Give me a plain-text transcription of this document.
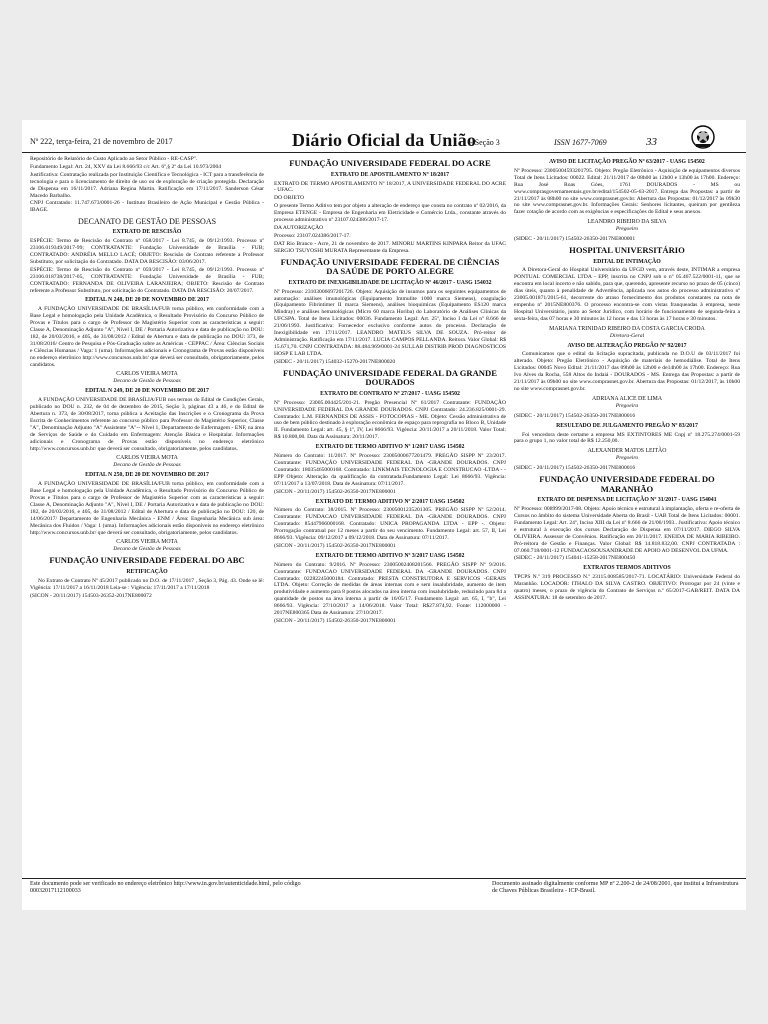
Nº 222, terça-feira, 21 de novembro de 2017	Diário Oficial da União
- Seção 3	ISSN 1677-7069	33

Repositório de Relatório de Custo Aplicado ao Setor Público - RE-CASP".

Fundamento Legal: Art. 24, XXV da Lei 8.666/93 c/c Art. 6º,§ 2º da Lei 10.973/2004

Justificativa: Contratação realizada por Instituição Científica e Tecnológica - ICT para a transferência de tecnologia e para o licenciamento de direito de uso ou de exploração de criação protegida. Declaração de Dispensa em 16/11/2017. Adriana Regina Martin. Ratificação em 17/11/2017. Sanderson César Macedo Barbalho.

CNPJ Contratado: 11.747.673/0001-26 - Instituto Brasileiro de Ação Municipal e Gestão Pública - IBAGE.

DECANATO DE GESTÃO DE PESSOAS
EXTRATO DE RESCISÃO

ESPÉCIE: Termo de Rescisão do Contrato nº 058/2017 - Lei 8.745, de 09/12/1993. Processo nº 23106.019349/2017-99; CONTRATANTE: Fundação Universidade de Brasília - FUB; CONTRATADO: ANDRÉIA MELLO LACÉ; OBJETO: Rescisão de Contrato referente a Professor Substituto, por solicitação do Contratado. DATA DA RESCISÃO: 03/06/2017.

ESPÉCIE: Termo de Rescisão do Contrato nº 059/2017 - Lei 8.745, de 09/12/1993. Processo nº 23106.018738/2017-05, CONTRATANTE: Fundação Universidade de Brasília - FUB; CONTRATADO: FERNANDA DE OLIVEIRA LARANJEIRA; OBJETO: Rescisão de Contrato referente a Professor Substituto, por solicitação do Contratado. DATA DA RESCISÃO: 20/07/2017.

EDITAL N 248, DE 20 DE NOVEMBRO DE 2017

A FUNDAÇÃO UNIVERSIDADE DE BRASÍLIA/FUB torna público, em conformidade com a Base Legal e homologação pela Unidade Acadêmica, o Resultado Provisório do Concurso Público de Provas e Títulos para o cargo de Professor de Magistério Superior com as características a seguir: Classe A, Denominação Adjunto "A", Nível I, DE / Portaria Autorizativa e data de publicação no DOU: 182, de 20/03/2016, e 405, de 31/08/2012 / Edital de Abertura e data de publicação no DOU: 373, de 31/08/2016/ Centro de Pesquisa e Pós-Graduação sobre as Américas - CEPPAC / Área: Ciências Sociais e Ciências Humanas / Vaga: 1 (uma). Informações adicionais e Cronograma de Provas estão disponíveis no endereço eletrônico http://www.concursos.unb.br/ que deverá ser consultado, obrigatoriamente, pelos candidatos.

CARLOS VIEIRA MOTA
Decano de Gestão de Pessoas
EDITAL N 249, DE 20 DE NOVEMBRO DE 2017

A FUNDAÇÃO UNIVERSIDADE DE BRASÍLIA/FUB nos termos do Edital de Condições Gerais, publicado no DOU n. 232, de 04 de dezembro de 2015, Seção 3, páginas 43 a 46, e do Edital de Abertura n. 373, de 30/08/2017, torna pública a Aceitação das Inscrições e o Cronograma da Prova Escrita de Conhecimentos referente ao concurso público para Professor do Magistério Superior, Classe "A", Denominação Adjunto "A" Assistente "A"-- Nível 1, Departamento de Enfermagem - ENF, na área de Serviços de Saúde e do Cuidado em Enfermagem: Atenção Básica e Hospitalar. Informações adicionais e Cronograma de Provas estão disponíveis no endereço eletrônico http://www.concursos.unb.br/ que deverá ser consultado, obrigatoriamente, pelos candidatos.

CARLOS VIEIRA MOTA
Decano de Gestão de Pessoas
EDITAL N 250, DE 20 DE NOVEMBRO DE 2017

A FUNDAÇÃO UNIVERSIDADE DE BRASÍLIA/FUB torna público, em conformidade com a Base Legal e homologação pela Unidade Acadêmica, o Resultado Provisório do Concurso Público de Provas e Títulos para o cargo de Professor de Magistério Superior com as características a seguir: Classe A, Denominação Adjunto "A", Nível I, DE / Portaria Autorizativa e data de publicação no DOU: 182, de 20/03/2016, e 405, de 31/08/2012 / Edital de Abertura e data de publicação no DOU: 120, de 14/06/2017/ Departamento de Engenharia Mecânica - ENM / Área: Engenharia Mecânica sub área: Mecânica dos Fluidos / Vaga: 1 (uma). Informações adicionais estão disponíveis no endereço eletrônico http://www.concursos.unb.br/ que deverá ser consultado, obrigatoriamente, pelos candidatos.

CARLOS VIEIRA MOTA
Decano de Gestão de Pessoas
FUNDAÇÃO UNIVERSIDADE FEDERAL DO ABC
RETIFICAÇÃO

No Extrato de Contrato Nº 45/2017 publicado no D.O. de 17/11/2017 , Seção 3, Pág. 43. Onde se lê: Vigência: 17/11/2017 a 16/11/2018 Leia-se : Vigência: 17/11/2017 a 17/11/2018

(SICON - 20/11/2017) 154503-26352-2017NE800072

FUNDAÇÃO UNIVERSIDADE FEDERAL DO ACRE
EXTRATO DE APOSTILAMENTO Nº 18/2017

EXTRATO DE TERMO APOSTILAMENTO Nº 18/2017, A UNIVERSIDADE FEDERAL DO ACRE - UFAC.

DO OBJETO

O presente Termo Aditivo tem por objeto a alteração de endereço que consta no contrato nº 02/2016, da Empresa ETENGE - Empresa de Engenharia em Eletricidade e Comércio Ltda., constante através do processo administrativo nº 23107.024386/2017-17.

DA AUTORIZAÇÃO

Processo: 23107.024386/2017-17.

DAT Rio Branco - Acre, 21 de novembro de 2017. MINORU MARTINS KINPARA Reitor da UFAC SERGIO TSUYOSHI MURATA Representante da Empresa.

FUNDAÇÃO UNIVERSIDADE FEDERAL DE CIÊNCIAS DA SAÚDE DE PORTO ALEGRE
EXTRATO DE INEXIGIBILIDADE DE LICITAÇÃO Nº 46/2017 - UASG 154032

Nº Processo: 23103006697201726. Objeto: Aquisição de insumos para os seguintes equipamentos de automação: análises imunológicas (Equipamento Immulite 1000 marca Siemens), coagulação (Equipamento Fibrintimer II marca Siemens), análises bioquímicas (Equipamento ES120 marca Mindray) e análises hematológicas (Micro 60 marca Horiba) do Laboratório de Análises Clínicas da UFCSPA. Total de Itens Licitados: 00036. Fundamento Legal: Art. 25º, Inciso I da Lei nº 8.666 de 21/06/1993. Justificativa: Fornecedor exclusivo conforme autos do processo. Declaração de Inexigibilidade em 17/11/2017. LEANDRO MATEUS SILVA DE SOUZA. Pró-reitor de Administração. Ratificação em 17/11/2017. LUCIA CAMPOS PELLANDA. Reitora. Valor Global: R$ 15.671,70. CNPJ CONTRATADA: 88.484.969/0001-24 SULLAB DISTRIB PROD DIAGNOSTICOS HOSP E LAB LTDA.

(SIDEC - 20/11/2017) 154032-15270-2017NE800020

FUNDAÇÃO UNIVERSIDADE FEDERAL DA GRANDE DOURADOS
EXTRATO DE CONTRATO Nº 27/2017 - UASG 154502

Nº Processo: 23005.004425/201-21. Pregão Presencial Nº 61/2017 Contratante: FUNDAÇÃO UNIVERSIDADE FEDERAL DA GRANDE DOURADOS. CNPJ Contratado: 24.236.825/0001-29. Contratado: L.M. FERNANDES DE ASSIS - FOTOCOPIAS - ME. Objeto: Cessão administrativa de uso de bem público destinado à exploração econômica de espaço para reprografia no Bloco B, Unidade II. Fundamento Legal: art. 45, § 1º, IV, Lei 8666/93. Vigência: 20/11/2017 a 20/11/2018. Valor Total: R$ 10.800,00. Data da Assinatura: 20/11/2017.

EXTRATO DE TERMO ADITIVO Nº 1/2017 UASG 154502

Número do Contrato: 11/2017. Nº Processo: 23005000677201479. PREGÃO SISPP Nº 23/2017. Contratante: FUNDAÇÃO UNIVERSIDADE FEDERAL DA -GRANDE DOURADOS. CNPJ Contratado: 18035465000168. Contratado: LINKMAIS TECNOLOGIA E CONSTRUCAO -LTDA - - EPP Objeto: Alteração da qualificação da contratada.Fundamento Legal: Lei 8666/93. Vigência: 07/11/2017 a 13/07/2018. Data de Assinatura: 07/11/2017.

(SICON - 20/11/2017) 154502-26350-2017NE800001

EXTRATO DE TERMO ADITIVO Nº 2/2017 UASG 154502

Número do Contrato: 38/2015. Nº Processo: 23005001235201305. PREGÃO SISPP Nº 52/2014. Contratante: FUNDACAO UNIVERSIDADE FEDERAL DA -GRANDE DOURADOS. CNPJ Contratado: 85447966000168. Contratado: UNICA PROPAGANDA LTDA - EPP -. Objeto: Prorrogação contratual por 12 meses a partir do seu vencimento. Fundamento Legal: art. 57, II, Lei 8666/93. Vigência: 09/12/2017 a 09/12/2018. Data de Assinatura: 07/11/2017.

(SICON - 20/11/2017) 154502-26350-2017NE800001

EXTRATO DE TERMO ADITIVO Nº 3/2017 UASG 154502

Número do Contrato: 9/2016. Nº Processo: 23005002408201566. PREGÃO SISPP Nº 9/2016. Contratante: FUNDACAO UNIVERSIDADE FEDERAL DA -GRANDE DOURADOS. CNPJ Contratado: 02282245000184. Contratado: PRESTA CONSTRUTORA E SERVICOS -GERAIS LTDA. Objeto: Correção de medidas de áreas internas com e sem insalubridade, aumento de item produtividade e aumento para 8 postos alocados na área interna com insalubridade, reduzindo para 84 a quantidade de postos na área interna a partir de 16/05/17. Fundamento Legal: art. 65, I, "b", Lei 8666/93. Vigência: 27/10/2017 a 14/06/2018. Valor Total: R$27.874,92. Fonte: 112000000 - 2017NE800365 Data de Assinatura: 27/10/2017.

(SICON - 20/11/2017) 154502-26350-2017NE800001

AVISO DE LICITAÇÃO PREGÃO Nº 63/2017 - UASG 154502

Nº Processo: 23005004593201795. Objeto: Pregão Eletrônico - Aquisição de equipamentos diversos Total de Itens Licitados: 00022. Edital: 21/11/2017 de 08h00 às 12h00 e 13h00 às 17h00. Endereço: Rua José Roas Góes, 1761 DOURADOS - MS ou www.comprasgovernamentais.gov.br/edital/154502-05-63-2017. Entrega das Propostas: a partir de 21/11/2017 às 08h00 no site www.comprasnet.gov.br. Abertura das Propostas: 01/12/2017 às 09h30 no site www.comprasnet.gov.br. Informações Gerais: Senhores licitantes, queiram por gentileza fazer cotação de acordo com as exigências e especificações do Edital e seus anexos.

LEANDRO RIBEIRO DA SILVA
Pregoeiro

(SIDEC - 20/11/2017) 154502-26350-2017NE800001

HOSPITAL UNIVERSITÁRIO
EDITAL DE INTIMAÇÃO

A Diretora-Geral do Hospital Universitário da UFGD vem, através deste, INTIMAR a empresa PONTUAL COMERCIAL LTDA - EPP, inscrita no CNPJ sob o nº 05.467.522/0001-11, que se encontra em local incerto e não sabido, para que, querendo, apresente recurso no prazo de 05 (cinco) dias úteis, quanto à penalidade de Advertência, aplicada nos autos do processo administrativo nº 23005.001871/2015-61, decorrente do atraso fornecimento dos produtos constantes na nota de empenho nº 2015NE800376. O processo encontra-se com vistas franqueadas à empresa, neste Hospital Universitário, junto ao Setor Jurídico, com horário de funcionamento de segunda-feira a sexta-feira, das 07 horas e 30 minutos às 12 horas e das 13 horas às 17 horas e 30 minutos.

MARIANA TRINIDAD RIBEIRO DA COSTA GARCIA CRODA
Diretora-Geral
AVISO DE ALTERAÇÃO PREGÃO Nº 92/2017

Comunicamos que o edital da licitação supracitada, publicada no D.O.U de 03/11/2017 foi alterado. Objeto: Pregão Eletrônico - Aquisição de materiais de hemodiálise. Total de Itens Licitados: 00045 Novo Edital: 21/11/2017 das 09h00 às 12h00 e de14h00 às 17h00. Endereço: Rua Ivo Alves da Rocha, 558 Altos do Indaiá - DOURADOS - MS. Entrega das Propostas: a partir de 21/11/2017 às 09h00 no site www.comprasnet.gov.br. Abertura das Propostas: 01/12/2017, às 10h00 no site www.comprasnet.gov.br.

ADRIANA ALICE DE LIMA
Pregoeira

(SIDEC - 20/11/2017) 154502-26350-2017NE800016

RESULTADO DE JULGAMENTO PREGÃO Nº 83/2017

Foi vencedora deste certame a empresa MS EXTINTORES ME Cnpj nº 18.275.274/0001-59 para o grupo 1, no valor total de R$ 12.250,00.

ALEXANDER MATOS LEITÃO
Pregoeiro

(SIDEC - 20/11/2017) 154502-26350-2017NE800016

FUNDAÇÃO UNIVERSIDADE FEDERAL DO MARANHÃO
EXTRATO DE DISPENSA DE LICITAÇÃO Nº 31/2017 - UASG 154041

Nº Processo: 008999/2017-08. Objeto: Apoio técnico e estrutural à implantação, oferta e re-oferta de Cursos no âmbito do sistema Universidade Aberta do Brasil - UAB Total de Itens Licitados: 00001. Fundamento Legal: Art. 24º, Inciso XIII da Lei nº 8.666 de 21/06/1993.. Justificativa: Apoio técnico e estrutural à execução dos cursos Declaração de Dispensa em 07/11/2017. DIEGO SILVA OLIVEIRA. Assessor de Convênios. Ratificação em 20/11/2017. ENEIDA DE MARIA RIBEIRO. Pró-reitora de Gestão e Finanças. Valor Global: R$ 14.818.832,00. CNPJ CONTRATADA : 07.060.718/0001-12 FUNDACAOSOUSANDRADE DE APOIO AO DESENVOL DA UFMA.

(SIDEC - 20/11/2017) 154041-15258-2017NE800450

EXTRATOS TERMOS ADITIVOS

TPCPS N.º 319 PROCESSO N.º 23115.008585/2017-71. LOCATÁRIO: Universidade Federal do Maranhão. LOCADOR: ITHALO DA SILVA CASTRO. OBJETIVO: Prorrogar por 24 (vinte e quatro) meses, o prazo de vigência do Contrato de Serviços n.º 65/2017-GAB/REIT. DATA DA ASSINATURA: 18 de setembro de 2017.

Este documento pode ser verificado no endereço eletrônico http://www.in.gov.br/autenticidade.html, pelo código 00032017112100033
Documento assinado digitalmente conforme MP nº 2.200-2 de 24/08/2001, que institui a Infraestrutura de Chaves Públicas Brasileira - ICP-Brasil.
